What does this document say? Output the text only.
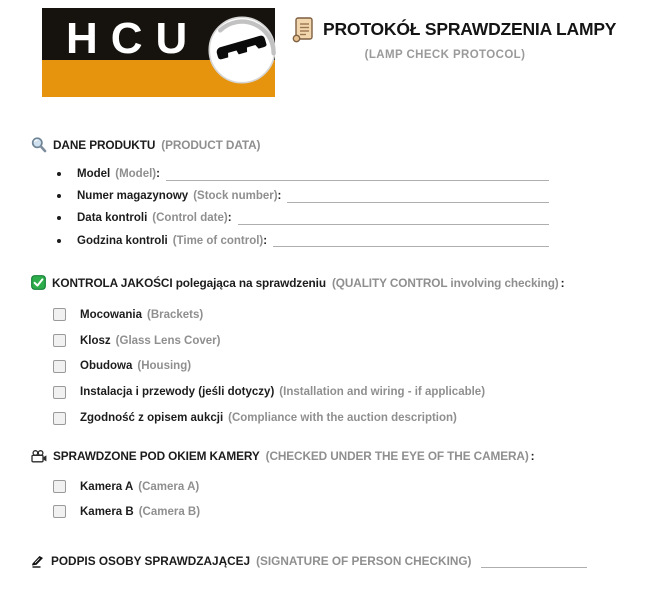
HCU	PROTOKÓŁ SPRAWDZENIA LAMPY
(LAMP CHECK PROTOCOL)
DANE PRODUKTU (PRODUCT DATA)
Model (Model) :
Numer magazynowy (Stock number) :
Data kontroli (Control date) :
Godzina kontroli (Time of control) :
KONTROLA JAKOŚCI polegająca na sprawdzeniu (QUALITY CONTROL involving checking) :
Mocowania (Brackets)
Klosz (Glass Lens Cover)
Obudowa (Housing)
Instalacja i przewody (jeśli dotyczy) (Installation and wiring - if applicable)
Zgodność z opisem aukcji (Compliance with the auction description)
SPRAWDZONE POD OKIEM KAMERY (CHECKED UNDER THE EYE OF THE CAMERA) :
Kamera A (Camera A)
Kamera B (Camera B)
PODPIS OSOBY SPRAWDZAJĄCEJ (SIGNATURE OF PERSON CHECKING)
